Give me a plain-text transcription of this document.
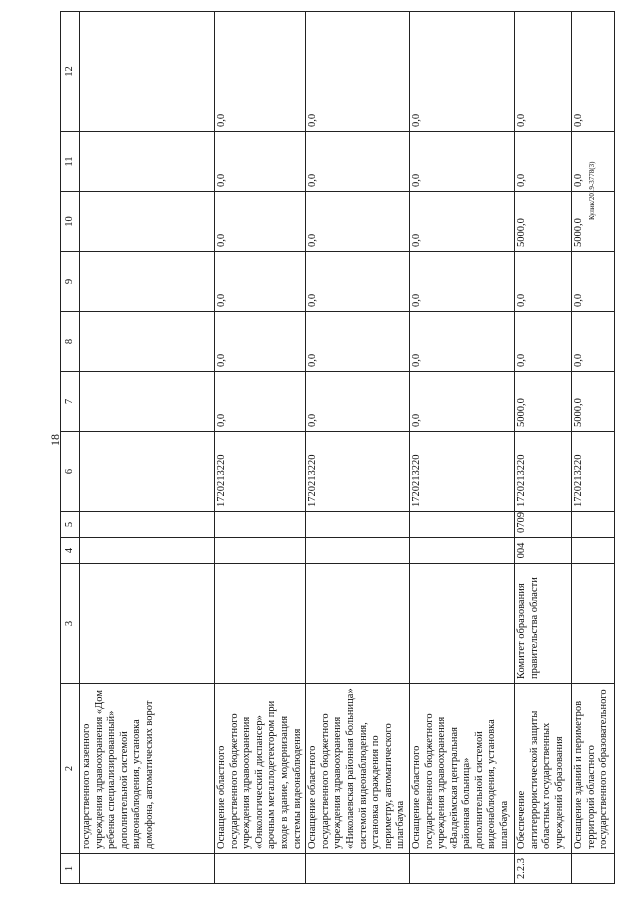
18
Кулик/2019-3778(3)
1	2	3	4	5	6	7	8	9	10	11	12
	государственного казенного учреждения здравоохранения «Дом ребенка специализированный» дополнительной системой видеонаблюдения, установка домофона, автоматических ворот										
	Оснащение областного государственного бюджетного учреждения здравоохранения «Онкологический диспансер» арочным металлодетектором при входе в здание, модернизация системы видеонаблюдения				1720213220	0,0	0,0	0,0	0,0	0,0	0,0
	Оснащение областного государственного бюджетного учреждения здравоохранения «Николаевская районная больница» системой видеонаблюдения, установка ограждения по периметру, автоматического шлагбаума				1720213220	0,0	0,0	0,0	0,0	0,0	0,0
	Оснащение областного государственного бюджетного учреждения здравоохранения «Валдеймская центральная районная больница» дополнительной системой видеонаблюдения, установка шлагбаума				1720213220	0,0	0,0	0,0	0,0	0,0	0,0
2.2.3	Обеспечение антитеррористической защиты областных государственных учреждений образования	Комитет образования правительства области	004	0709	1720213220	5000,0	0,0	0,0	5000,0	0,0	0,0
	Оснащение зданий и периметров территорий областного государственного образовательного				1720213220	5000,0	0,0	0,0	5000,0	0,0	0,0
